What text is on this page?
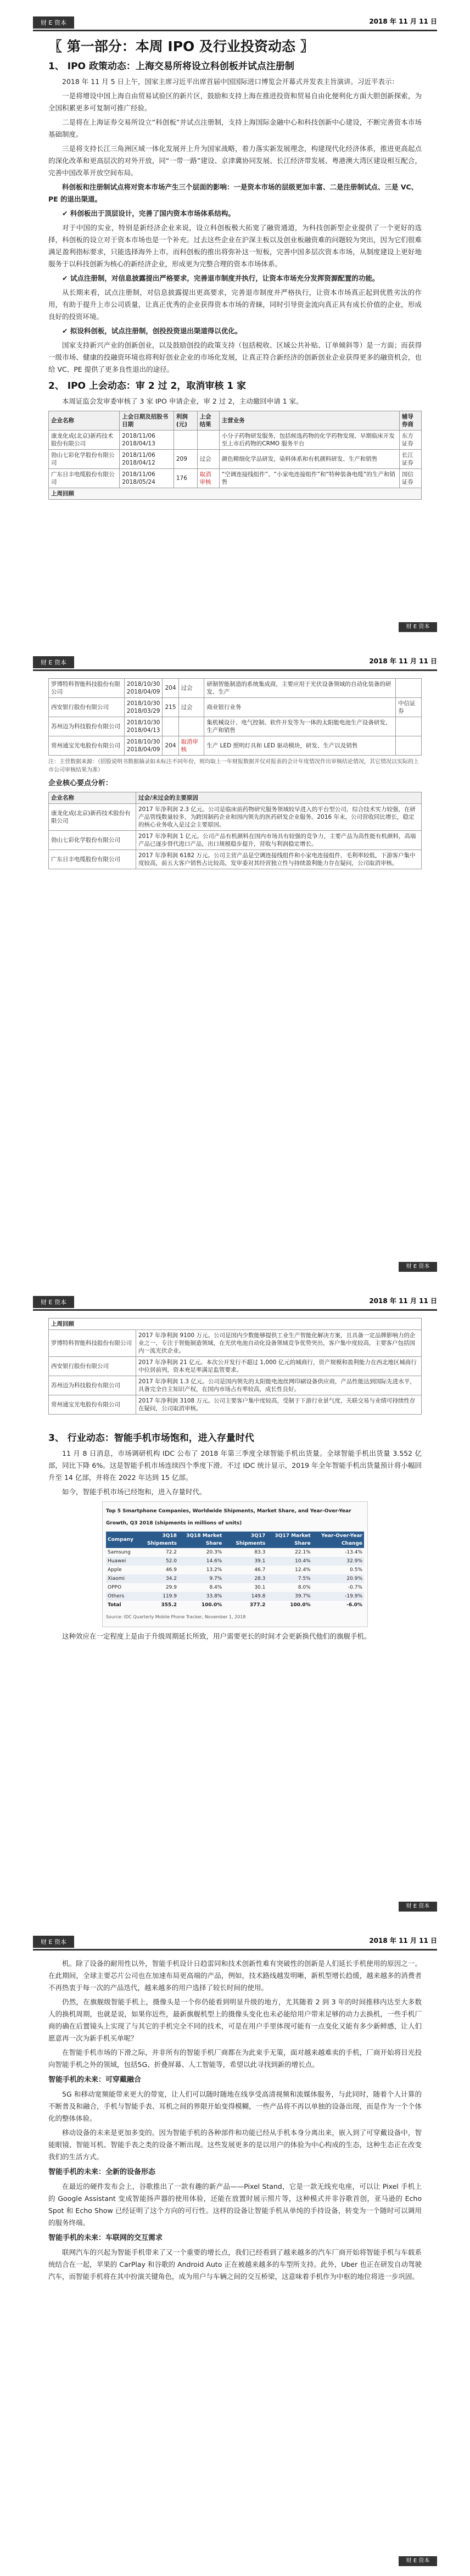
财 E 资本	2018 年 11 月 11 日
〖 第一部分：本周 IPO 及行业投资动态 〗
1、 IPO 政策动态：上海交易所将设立科创板并试点注册制

2018 年 11 月 5 日上午，国家主席习近平出席首届中国国际进口博览会开幕式并发表主旨演讲。习近平表示：

一是将增设中国上海自由贸易试验区的新片区，鼓励和支持上海在推进投资和贸易自由化便利化方面大胆创新探索，为全国积累更多可复制可推广经验。

二是将在上海证券交易所设立“科创板”并试点注册制，支持上海国际金融中心和科技创新中心建设，不断完善资本市场基础制度。

三是将支持长江三角洲区域一体化发展并上升为国家战略，着力落实新发展理念，构建现代化经济体系，推进更高起点的深化改革和更高层次的对外开放，同“一带一路”建设、京津冀协同发展、长江经济带发展、粤港澳大湾区建设相互配合，完善中国改革开放空间布局。

科创板和注册制试点将对资本市场产生三个层面的影响：一是资本市场的层级更加丰富、二是注册制试点、三是 VC、PE 的退出渠道。

✔ 科创板出于顶层设计，完善了国内资本市场体系结构。

对于中国的实业，特别是新经济企业来说，设立科创板极大拓宽了融资通道，为科技创新型企业提供了一个更好的选择，科创板的设立对于资本市场也是一个补充。过去这些企业在沪深主板以及创业板融资难的问题较为突出，因为它们很难满足盈利指标要求，只能选择海外上市。而科创板的推出将弥补这一短板，完善中国多层次资本市场，从制度建设上更好地服务于以科技创新为核心的新经济企业，形成更为完整合理的资本市场体系。

✔ 试点注册制，对信息披露提出严格要求，完善退市制度并执行，让资本市场充分发挥资源配置的功能。

从长期来看，试点注册制，对信息披露提出更高要求，完善退市制度并严格执行，让资本市场真正起到优胜劣汰的作用，有助于提升上市公司质量，让真正优秀的企业获得资本市场的青睐，同时引导资金流向真正具有成长价值的企业，形成良好的投资环境。

✔ 拟设科创板，试点注册制，创投投资退出渠道得以优化。

国家支持新兴产业的创新创业，以及鼓励创投的政策支持（包括税收、区域公共补贴、订单倾斜等）是一方面；而获得一级市场、健康的投融资环境也将利好创业企业的市场化发展，让真正符合新经济的创新创业企业获得更多的融资机会，也给 VC、PE 提供了更多良性退出的途径。

2、 IPO 上会动态：审 2 过 2，取消审核 1 家

本周证监会发审委审核了 3 家 IPO 申请企业，审 2 过 2，主动撤回申请 1 家。

企业名称	上会日期及招股书日期	利润(元)	上会结果	主营业务	辅导券商
康龙化成(北京)新药技术股份有限公司	2018/11/06
2018/04/13			小分子药物研发服务，包括候选药物的化学药物发现、早期临床开发至上市后药物的CRMO 服务平台	东方证券
勃山七彩化学股份有限公司	2018/11/06
2018/04/12	209	过会	颜色精细化学品研发，染料体系和有机颜料研发、生产和销售	长江证券
广东日丰电缆股份有限公司	2018/11/06
2018/05/24	176	取消审核	“空调连接线组件”、“小家电连接组件”和“特种装备电缆”的生产和销售	国信证券
上周回顾					
财 E 资本
财 E 资本	2018 年 11 月 11 日
罗博特科智能科技股份有限公司	2018/10/30
2018/04/09	204	过会	研制智能制造的系统集成商，主要应用于光伏设备领域的自动化装备的研发、生产	
西安银行股份有限公司	2018/10/30
2018/03/29	215	过会	商业银行业务	中信证券
苏州迈为科技股份有限公司	2018/10/30
2018/04/13			集机械设计、电气控制、软件开发等为一体的太阳能电池生产设备研发、生产和销售	
常州通宝光电股份有限公司	2018/10/30
2018/04/09	204	取消审核	生产 LED 照明灯具和 LED 驱动模块，研发、生产以及销售	

注：主营数据来源：（招股说明书数据摘录如未标注不同年份，则均取上一年财报数据并仅对报表的会计年度情况作出审核结论情况，其它情况以实际的上市公司审核结果为准）

企业核心要点分析：
企业名称	过会/未过会的主要原因
康龙化成(北京)新药技术股份有限公司	2017 年净利润 2.3 亿元。公司是临床前药物研究服务领域较早进入的平台型公司，综合技术实力较强，在研产品管线数量较多，为跨国制药企业和国内领先的医药研发企业服务。2016 年末，公司营收同比增长，稳定的核心业务收入是过会主要原因。
勃山七彩化学股份有限公司	2017 年净利润 1 亿元。公司产品有机颜料在国内市场具有较强的竞争力，主要产品为高性能有机颜料，高端产品已逐步替代进口产品，出口规模稳步提升，营收与利润稳定增长。
广东日丰电缆股份有限公司	2017 年净利润 6182 万元。公司主营产品是空调连接线组件和小家电连接组件，毛利率较低，下游客户集中度较高，前五大客户销售占比较高，发审委对其经营独立性与持续盈利能力存在疑问，公司取消审核。
财 E 资本
财 E 资本	2018 年 11 月 11 日
上周回顾	
罗博特科智能科技股份有限公司	2017 年净利润 9100 万元。公司是国内少数能够提供工业生产智能化解决方案，且具备一定品牌影响力的企业之一，专注于智能制造领域，在光伏电池自动化设备领域竞争优势突出，客户集中度较高，主要客户包括国内一流光伏企业。
西安银行股份有限公司	2017 年净利润 21 亿元。本次公开发行不超过 1,000 亿元的城商行，资产规模和盈利能力在西北地区城商行中位居前列，资本充足率满足监管要求。
苏州迈为科技股份有限公司	2017 年净利润 1.3 亿元。公司是国内领先的太阳能电池丝网印刷设备供应商，产品性能达到国际先进水平，具备完全自主知识产权，在国内市场占有率较高，成长性良好。
常州通宝光电股份有限公司	2017 年净利润 3108 万元。公司主要客户集中度较高，受制于下游行业景气度，关联交易与业绩可持续性存在疑问，公司取消审核。
3、 行业动态：智能手机市场饱和，进入存量时代

11 月 8 日消息，市场调研机构 IDC 公布了 2018 年第三季度全球智能手机出货量。全球智能手机出货量 3.552 亿部，同比下降 6%。这是智能手机市场连续四个季度下滑。不过 IDC 统计显示，2019 年全年智能手机出货量预计将小幅回升至 14 亿部，并将在 2022 年达到 15 亿部。

如今，智能手机市场已经饱和，进入存量时代。

Top 5 Smartphone Companies, Worldwide Shipments, Market Share, and Year-Over-Year Growth, Q3 2018 (shipments in millions of units)
Company	3Q18 Shipments	3Q18 Market Share	3Q17 Shipments	3Q17 Market Share	Year-Over-Year Change
Samsung	72.2	20.3%	83.3	22.1%	-13.4%
Huawei	52.0	14.6%	39.1	10.4%	32.9%
Apple	46.9	13.2%	46.7	12.4%	0.5%
Xiaomi	34.2	9.7%	28.3	7.5%	20.9%
OPPO	29.9	8.4%	30.1	8.0%	-0.7%
Others	119.9	33.8%	149.8	39.7%	-19.9%
Total	355.2	100.0%	377.2	100.0%	-6.0%
Source: IDC Quarterly Mobile Phone Tracker, November 1, 2018

这种效应在一定程度上是由于升级周期延长所致，用户需要更长的时间才会更新换代他们的旗舰手机。

财 E 资本
财 E 资本	2018 年 11 月 11 日

机。除了设备的耐用性以外，智能手机设计日趋雷同和技术创新性难有突破性的创新是人们延长手机使用的原因之一。在此期间，全球主要芯片公司也在加速布局更高端的产品，例如，技术路线越发明晰，新机型增长趋缓，越来越多的消费者不再热衷于每一次的产品迭代，越来越多的用户选择了较长时间的使用。

仍然，在旗舰级智能手机上，摄像头是一个你仍能看到明显升级的地方，尤其随着 2 到 3 年的时间推移内达至大多数人的换机周期，也就是说，如果你近些，最新旗舰机型上的摄像头变化也未必能给用户带来足够的动力去换机，一些手机厂商的确在后置镜头上实现了与其它的手机完全不同的技术，可是在用户手里体现可能有一点变化又能有多少新鲜感，让人们愿意再一次为新手机买单呢？

在智能手机市场的下滑之际，并非所有的智能手机厂商都在为此束手无策，面对越来越难卖的手机，厂商开始将目光投向智能手机之外的领域，包括5G、折叠屏幕、人工智能等，希望以此寻找到新的增长点。

智能手机的未来：可穿戴融合

5G 和移动宽频能带来更大的带宽，让人们可以随时随地在线享受高清视频和流媒体服务，与此同时，随着个人计算的不断普及和融合，手机与智能手表、耳机之间的界限开始变得模糊，一些产品将不再以单独的设备出现，而是作为一个个体化的整体体验。

移动设备的未来是更加多变的。因为智能手机的各种部件和功能已经从手机本身分离出来，嵌入到了可穿戴设备中，智能眼镜、智能耳机、智能手表之类的设备不断出现。这些发展更多的是以用户的体验为中心构成的生态，这种生态正在改变我们的生活方式。

智能手机的未来：全新的设备形态

在最近的硬件发布会上，谷歌推出了一款有趣的新产品——Pixel Stand，它是一款无线充电座，可以让 Pixel 手机上的 Google Assistant 变成智能扬声器的使用体验，还能在放置时展示照片等，这种模式并非谷歌首创，亚马逊的 Echo Spot 和 Echo Show 已经证明了这个方向的可行性。这样的设备让智能手机从单纯的手持设备，转变为一个随时可以调用的服务终端。

智能手机的未来：车联网的交互需求

联网汽车的兴起为智能手机带来了又一个重要的增长点，我们已经看到了越来越多的汽车厂商开始将智能手机与车载系统结合在一起，苹果的 CarPlay 和谷歌的 Android Auto 正在被越来越多的车型所支持。此外，Uber 也正在研发自动驾驶汽车，而智能手机将在其中扮演关键角色，成为用户与车辆之间的交互桥梁，这意味着手机作为中枢的地位将进一步巩固。

财 E 资本
